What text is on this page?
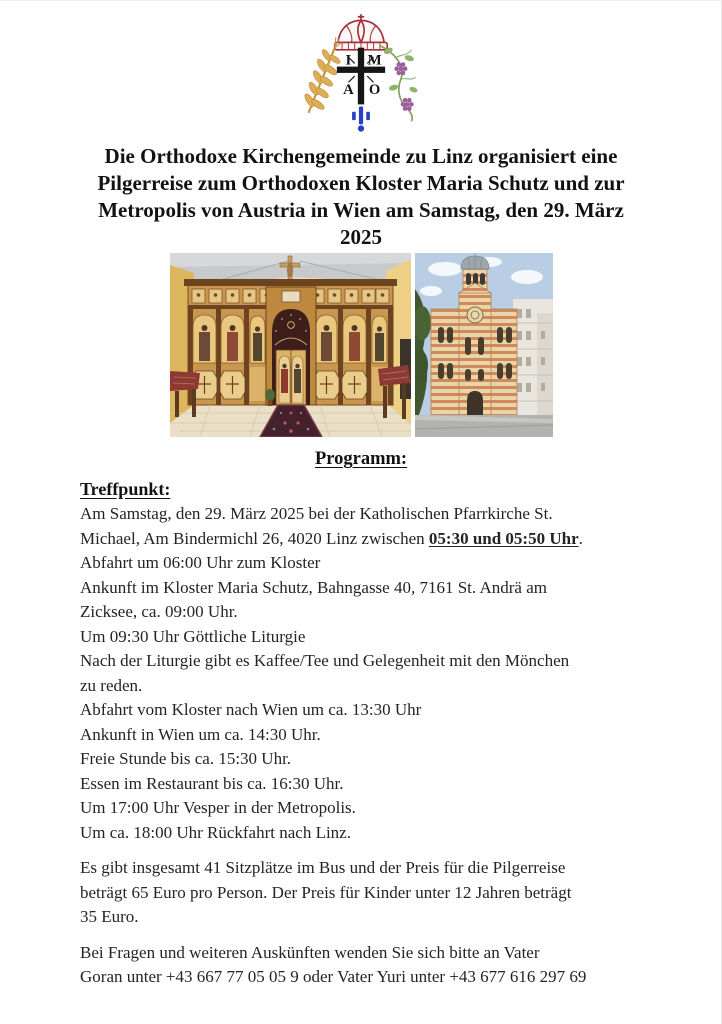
I M
A O
Die Orthodoxe Kirchengemeinde zu Linz organisiert eine
Pilgerreise zum Orthodoxen Kloster Maria Schutz und zur
Metropolis von Austria in Wien am Samstag, den 29. März
2025
Programm:
Treffpunkt:
Am Samstag, den 29. März 2025 bei der Katholischen Pfarrkirche St.
Michael, Am Bindermichl 26, 4020 Linz zwischen 05:30 und 05:50 Uhr.
Abfahrt um 06:00 Uhr zum Kloster
Ankunft im Kloster Maria Schutz, Bahngasse 40, 7161 St. Andrä am
Zicksee, ca. 09:00 Uhr.
Um 09:30 Uhr Göttliche Liturgie
Nach der Liturgie gibt es Kaffee/Tee und Gelegenheit mit den Mönchen
zu reden.
Abfahrt vom Kloster nach Wien um ca. 13:30 Uhr
Ankunft in Wien um ca. 14:30 Uhr.
Freie Stunde bis ca. 15:30 Uhr.
Essen im Restaurant bis ca. 16:30 Uhr.
Um 17:00 Uhr Vesper in der Metropolis.
Um ca. 18:00 Uhr Rückfahrt nach Linz.
Es gibt insgesamt 41 Sitzplätze im Bus und der Preis für die Pilgerreise
beträgt 65 Euro pro Person. Der Preis für Kinder unter 12 Jahren beträgt
35 Euro.
Bei Fragen und weiteren Auskünften wenden Sie sich bitte an Vater
Goran unter +43 667 77 05 05 9 oder Vater Yuri unter +43 677 616 297 69
